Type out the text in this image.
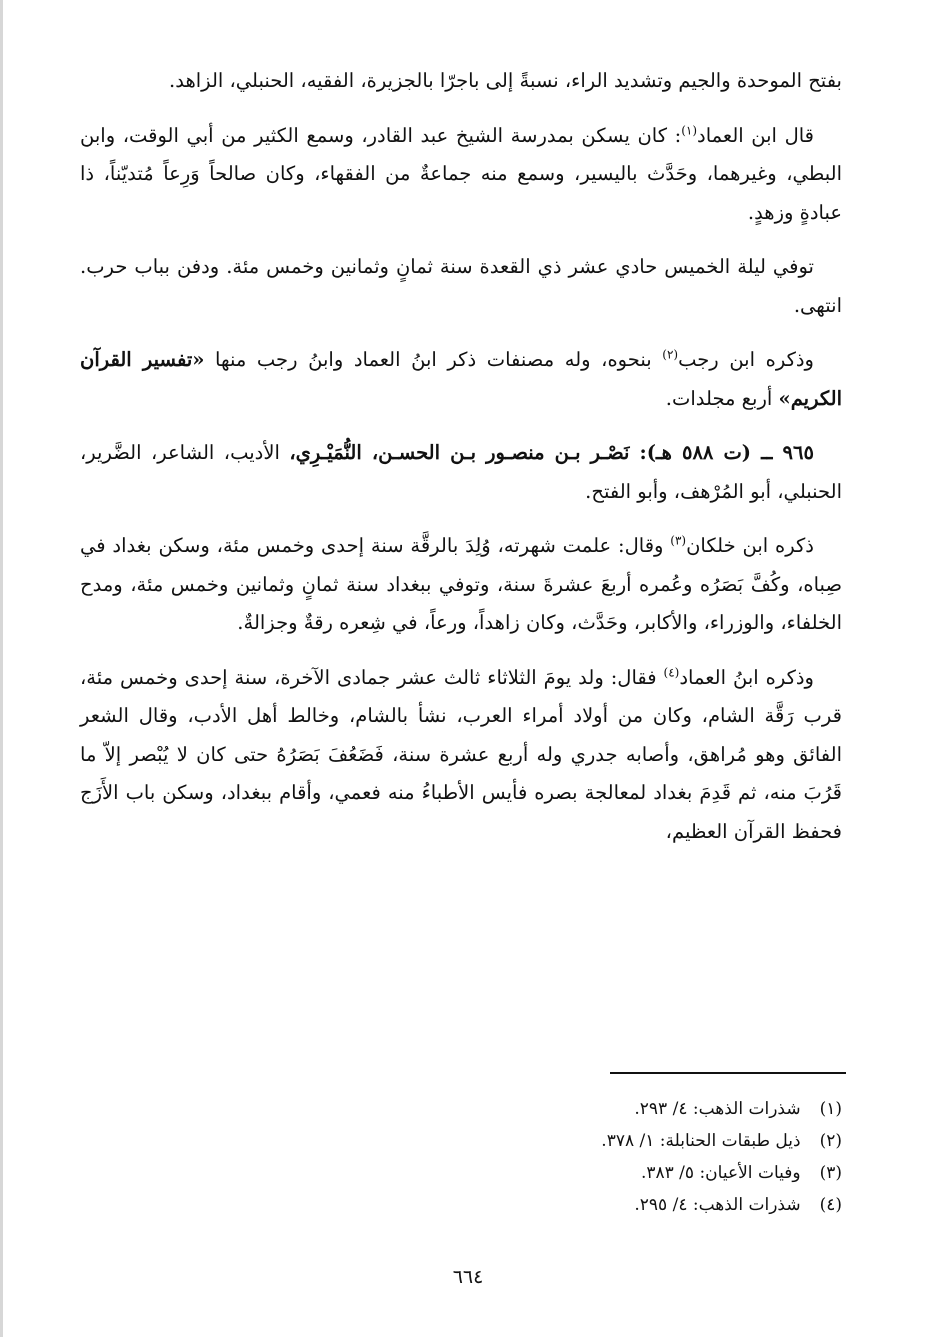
بفتح الموحدة والجيم وتشديد الراء، نسبةً إلى باجرّا بالجزيرة، الفقيه، الحنبلي، الزاهد.

قال ابن العماد$^{(١)}$: كان يسكن بمدرسة الشيخ عبد القادر، وسمع الكثير من أبي الوقت، وابن البطي، وغيرهما، وحَدَّث باليسير، وسمع منه جماعةٌ من الفقهاء، وكان صالحاً وَرِعاً مُتديّناً، ذا عبادةٍ وزهدٍ.

توفي ليلة الخميس حادي عشر ذي القعدة سنة ثمانٍ وثمانين وخمس مئة. ودفن بباب حرب. انتهى.

وذكره ابن رجب$^{(٢)}$ بنحوه، وله مصنفات ذكر ابنُ العماد وابنُ رجب منها «تفسير القرآن الكريم» أربع مجلدات.

٩٦٥ ــ (ت ٥٨٨ هـ): نَصْـر بـن منصـور بـن الحسـن، النُّمَيْـرِي، الأديب، الشاعر، الضَّرير، الحنبلي، أبو المُرْهف، وأبو الفتح.

ذكره ابن خلكان$^{(٣)}$ وقال: علمت شهرته، وُلِدَ بالرقَّة سنة إحدى وخمس مئة، وسكن بغداد في صِباه، وكُفَّ بَصَرُه وعُمره أربعَ عشرةَ سنة، وتوفي ببغداد سنة ثمانٍ وثمانين وخمس مئة، ومدح الخلفاء، والوزراء، والأكابر، وحَدَّث، وكان زاهداً، ورعاً، في شِعره رقةٌ وجزالةٌ.

وذكره ابنُ العماد$^{(٤)}$ فقال: ولد يومَ الثلاثاء ثالث عشر جمادى الآخرة، سنة إحدى وخمس مئة، قرب رَقَّة الشام، وكان من أولاد أمراء العرب، نشأ بالشام، وخالط أهل الأدب، وقال الشعر الفائق وهو مُراهق، وأصابه جدري وله أربع عشرة سنة، فَضَعُفَ بَصَرُهُ حتى كان لا يُبْصر إلاّ ما قَرُبَ منه، ثم قَدِمَ بغداد لمعالجة بصره فأيس الأطباءُ منه فعمي، وأقام ببغداد، وسكن باب الأَزَج فحفظ القرآن العظيم،

(١) شذرات الذهب: ٤/ ٢٩٣.
(٢) ذيل طبقات الحنابلة: ١/ ٣٧٨.
(٣) وفيات الأعيان: ٥/ ٣٨٣.
(٤) شذرات الذهب: ٤/ ٢٩٥.
٦٦٤
